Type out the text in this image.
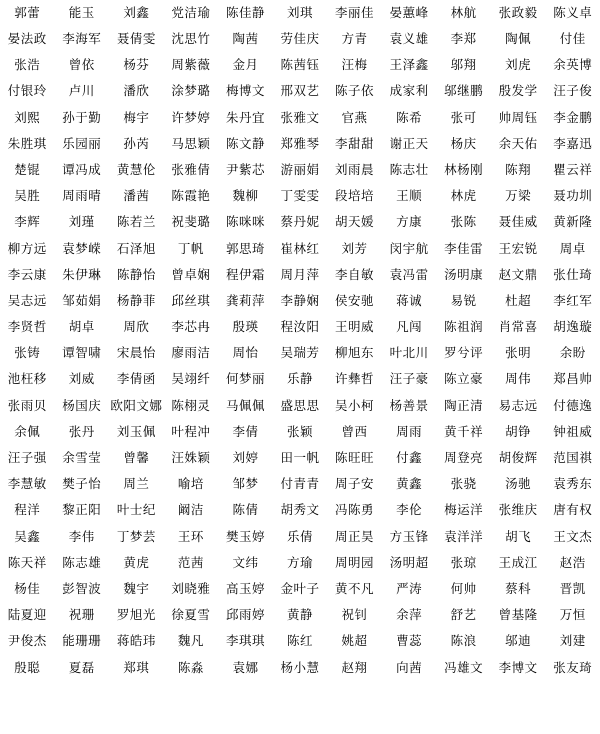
郭蕾 能玉 刘鑫 党洁瑜 陈佳静 刘琪 李丽佳 晏蕙峰 林航 张政毅 陈义卓
晏法政 李海军 聂倩雯 沈思竹 陶茜 劳佳庆 方青 袁义雄 李郑 陶佩 付佳
张浩 曾依 杨芬 周紫薇 金月 陈茜钰 汪梅 王泽鑫 邬翔 刘虎 余英博
付银玲 卢川 潘欣 涂梦璐 梅博文 邢双艺 陈子依 成家利 邬继鹏 殷发学 汪子俊
刘熙 孙于勤 梅宇 许梦婷 朱丹宜 张雅文 官燕 陈希 张可 帅周钰 李金鹏
朱胜琪 乐园丽 孙芮 马思颖 陈文静 郑雅琴 李甜甜 谢正天 杨庆 余天佑 李嘉迅
楚锟 谭冯成 黄慧伦 张雅倩 尹紫芯 游丽娟 刘雨晨 陈志壮 林杨刚 陈翔 瞿云祥
吴胜 周雨晴 潘茜 陈霞艳 魏柳 丁雯雯 段培培 王顺 林虎 万梁 聂功圳
李辉 刘瑾 陈若兰 祝斐璐 陈咪咪 蔡丹妮 胡天媛 方康 张陈 聂佳威 黄新隆
柳方远 袁梦嵘 石泽旭 丁帆 郭思琦 崔林红 刘芳 闵宇航 李佳雷 王宏锐 周卓
李云康 朱伊琳 陈静怡 曾卓娴 程伊霜 周月萍 李自敏 袁冯雷 汤明康 赵文鼎 张仕琦
吴志远 邹茹娟 杨静菲 邱丝琪 龚莉萍 李静娴 侯安驰 蒋诚 易锐 杜超 李红军
李贤哲 胡卓 周欣 李芯冉 殷瑛 程汝阳 王明威 凡闯 陈祖润 肖常喜 胡逸璇
张铸 谭智啸 宋晨怡 廖雨洁 周怡 吴瑞芳 柳旭东 叶北川 罗兮评 张明 余盼
池枉移 刘威 李倩函 吴翊纤 何梦丽 乐静 许彝哲 汪子豪 陈立豪 周伟 郑昌帅
张雨贝 杨国庆 欧阳文娜 陈栩灵 马佩佩 盛思思 吴小柯 杨善景 陶正清 易志远 付德逸
余佩 张丹 刘玉佩 叶程冲 李倩 张颖 曾西 周雨 黄千祥 胡铮 钟祖威
汪子强 余雪莹 曾馨 汪姝颖 刘婷 田一帆 陈旺旺 付鑫 周登亮 胡俊辉 范国祺
李慧敏 樊子怡 周兰 喻培 邹梦 付青青 周子安 黄鑫 张骁 汤驰 袁秀东
程洋 黎正阳 叶士纪 阚洁 陈倩 胡秀文 冯陈勇 李伦 梅运洋 张维庆 唐有权
吴鑫 李伟 丁梦芸 王环 樊玉婷 乐倩 周正昊 方玉锋 袁洋洋 胡飞 王文杰
陈天祥 陈志雄 黄虎 范茜 文纬 方瑜 周明园 汤明超 张琼 王成江 赵浩
杨佳 彭智波 魏宇 刘晓雅 高玉婷 金叶子 黄不凡 严涛 何帅 蔡科 晋凯
陆夏迎 祝珊 罗旭光 徐夏雪 邱雨婷 黄静 祝钊 余萍 舒艺 曾基隆 万恒
尹俊杰 能珊珊 蒋皓玮 魏凡 李琪琪 陈红 姚超 曹蕊 陈浪 邬迪 刘建
殷聪 夏磊 郑琪 陈淼 袁娜 杨小慧 赵翔 向茜 冯雄文 李博文 张友琦
